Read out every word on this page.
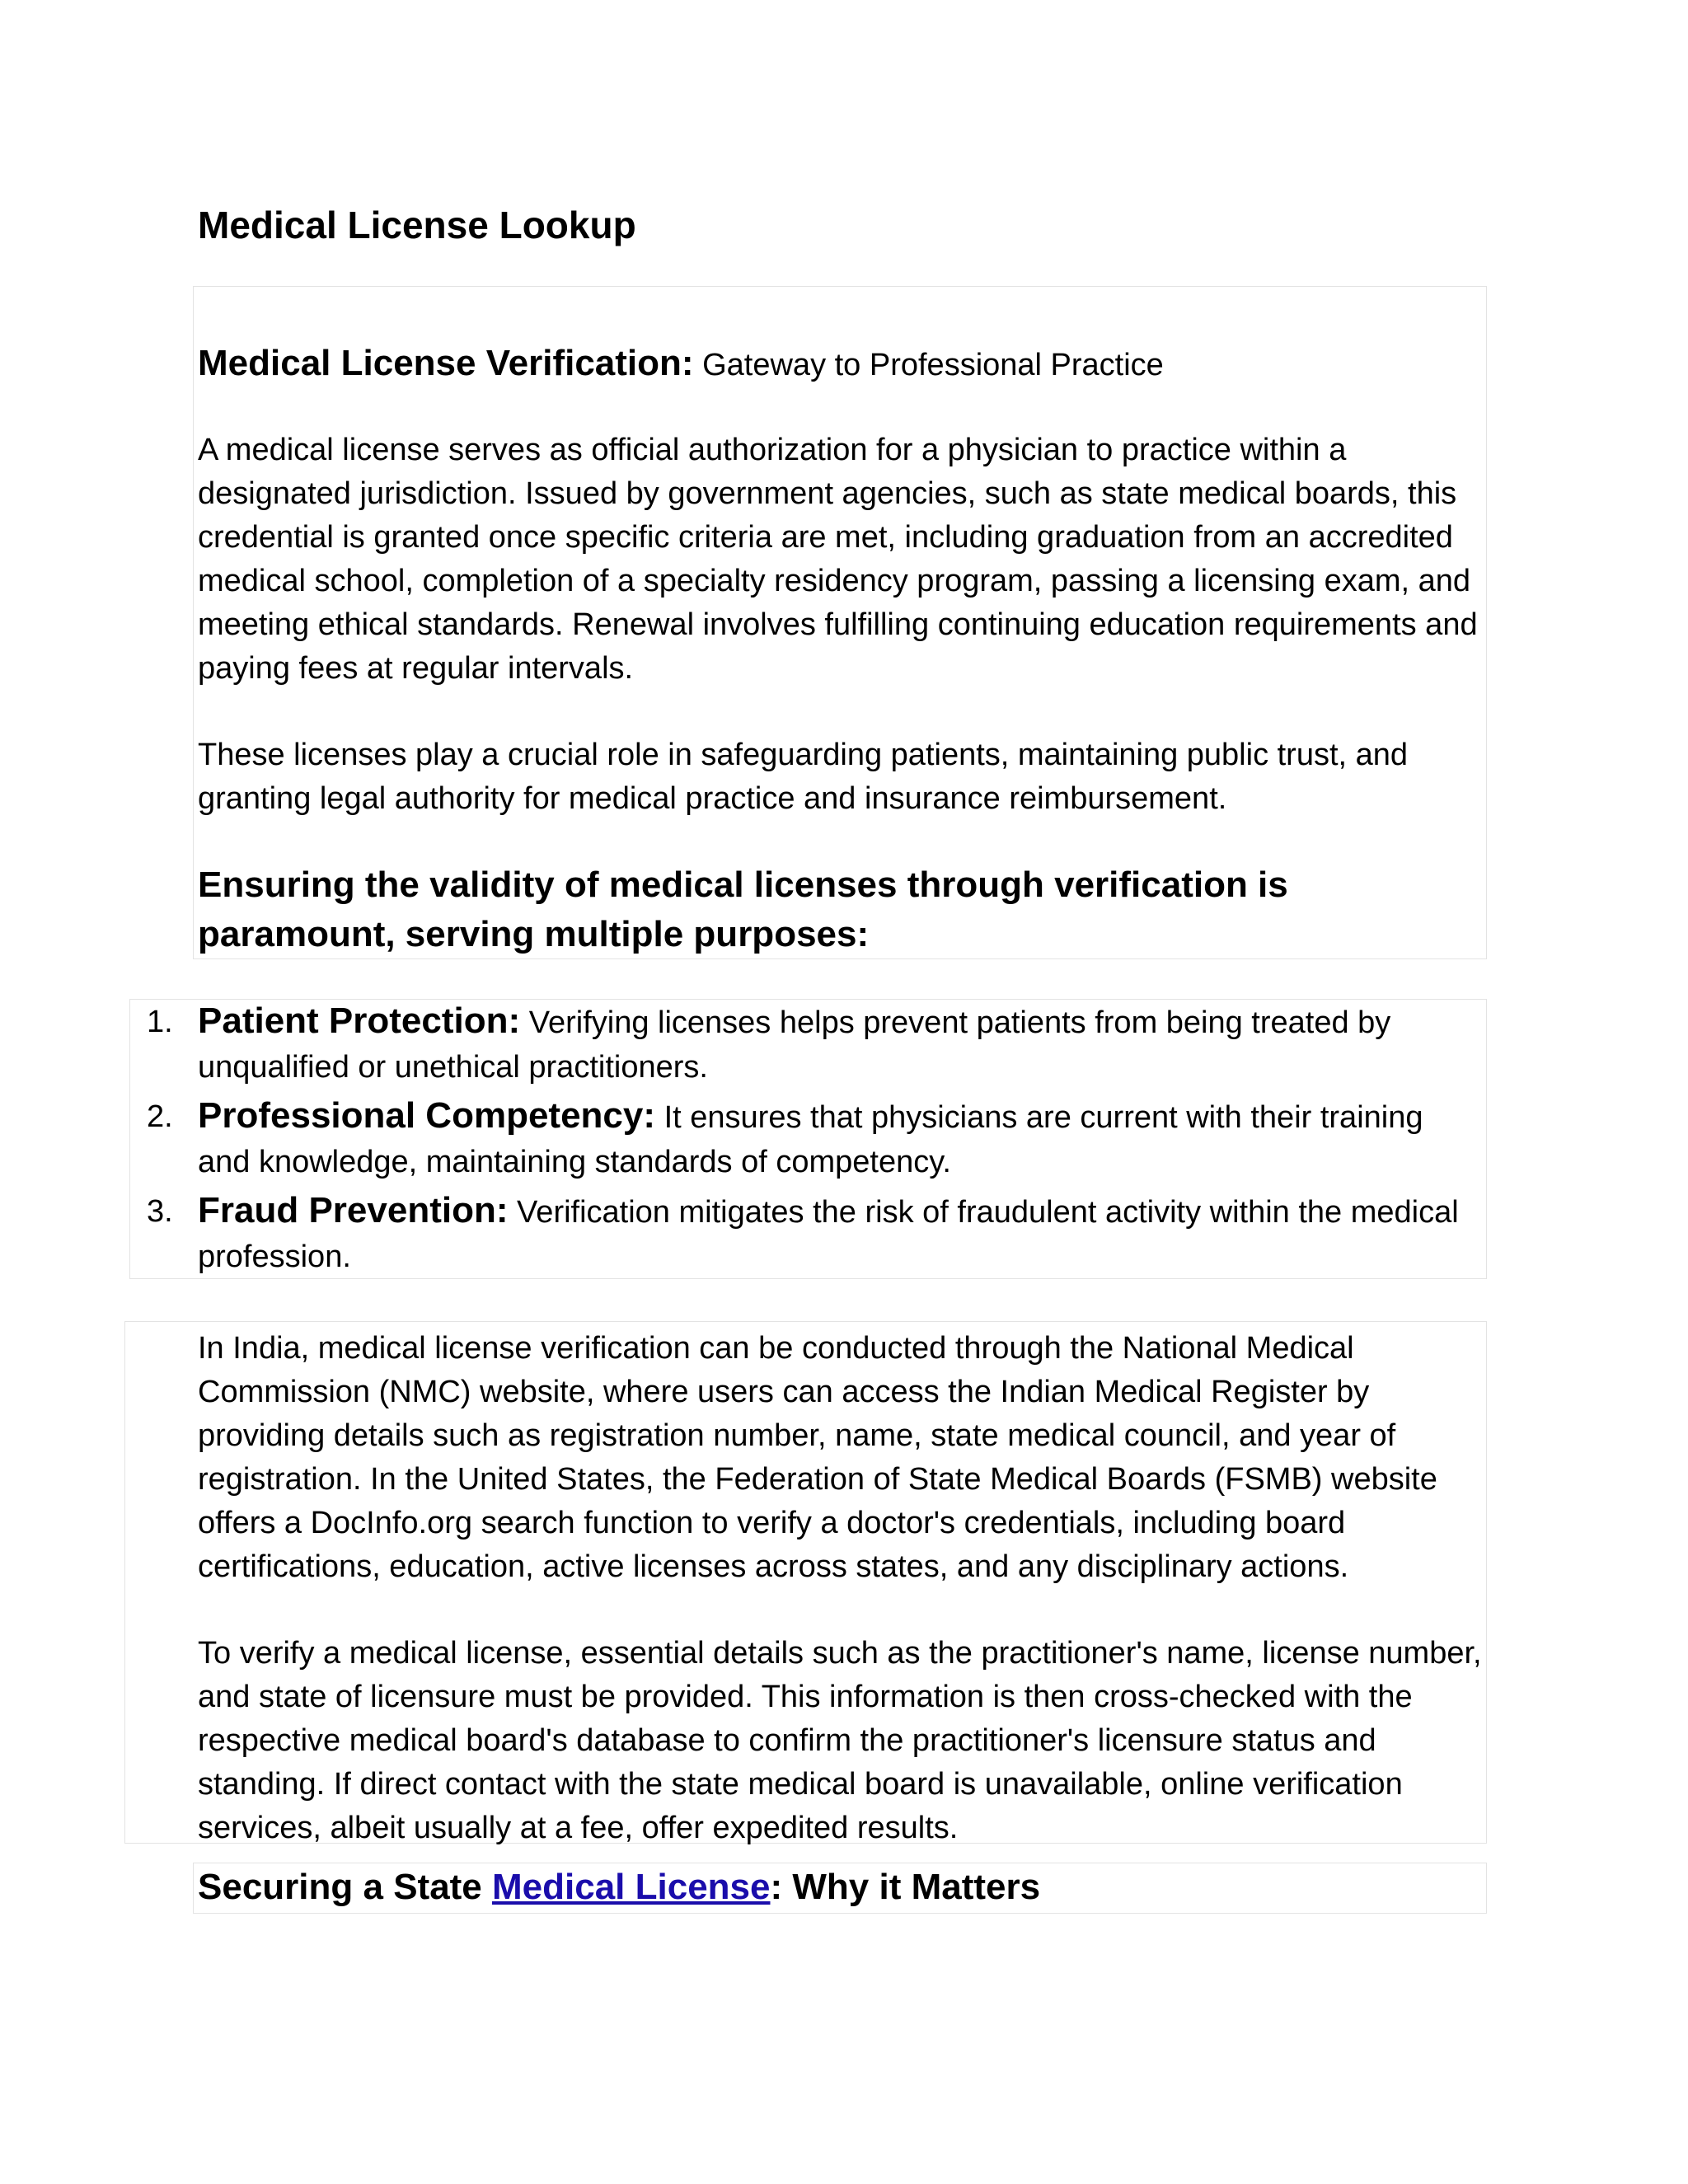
Medical License Lookup
Medical License Verification: Gateway to Professional Practice

A medical license serves as official authorization for a physician to practice within a designated jurisdiction. Issued by government agencies, such as state medical boards, this credential is granted once specific criteria are met, including graduation from an accredited medical school, completion of a specialty residency program, passing a licensing exam, and meeting ethical standards. Renewal involves fulfilling continuing education requirements and paying fees at regular intervals.

These licenses play a crucial role in safeguarding patients, maintaining public trust, and granting legal authority for medical practice and insurance reimbursement.

Ensuring the validity of medical licenses through verification is paramount, serving multiple purposes:
1. Patient Protection: Verifying licenses helps prevent patients from being treated by unqualified or unethical practitioners.
2. Professional Competency: It ensures that physicians are current with their training and knowledge, maintaining standards of competency.
3. Fraud Prevention: Verification mitigates the risk of fraudulent activity within the medical profession.

In India, medical license verification can be conducted through the National Medical Commission (NMC) website, where users can access the Indian Medical Register by providing details such as registration number, name, state medical council, and year of registration. In the United States, the Federation of State Medical Boards (FSMB) website offers a DocInfo.org search function to verify a doctor's credentials, including board certifications, education, active licenses across states, and any disciplinary actions.

To verify a medical license, essential details such as the practitioner's name, license number, and state of licensure must be provided. This information is then cross-checked with the respective medical board's database to confirm the practitioner's licensure status and standing. If direct contact with the state medical board is unavailable, online verification services, albeit usually at a fee, offer expedited results.

Securing a State Medical License: Why it Matters
